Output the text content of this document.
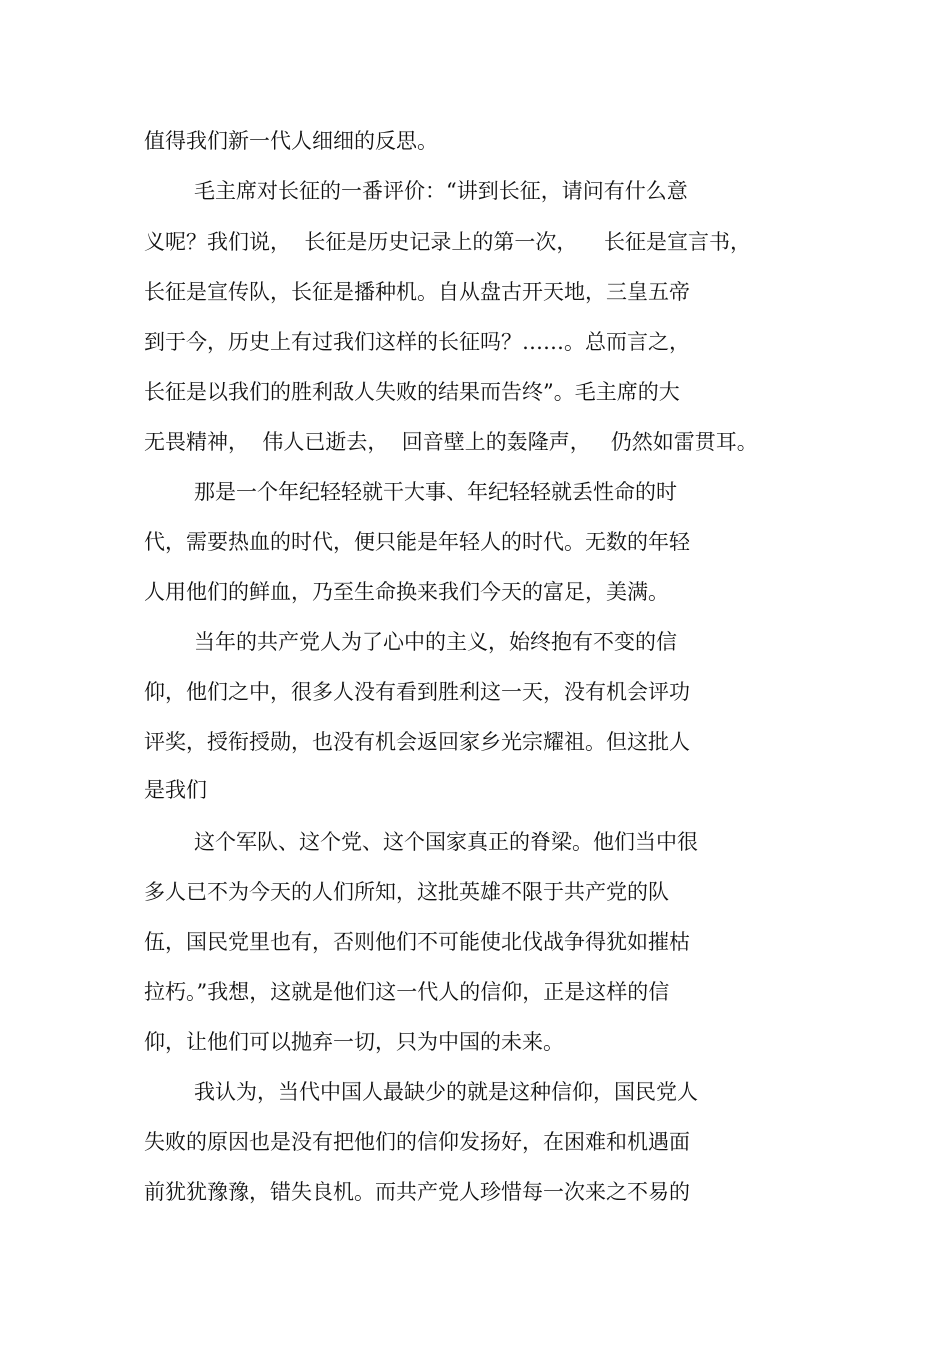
值得我们新一代人细细的反思。
毛主席对长征的一番评价：“讲到长征，请问有什么意
义呢？我们说，  长征是历史记录上的第一次，    长征是宣言书，
长征是宣传队，长征是播种机。自从盘古开天地，三皇五帝
到于今，历史上有过我们这样的长征吗？……。总而言之，
长征是以我们的胜利敌人失败的结果而告终”。毛主席的大
无畏精神，  伟人已逝去，  回音壁上的轰隆声，   仍然如雷贯耳。
那是一个年纪轻轻就干大事、年纪轻轻就丢性命的时
代，需要热血的时代，便只能是年轻人的时代。无数的年轻
人用他们的鲜血，乃至生命换来我们今天的富足，美满。
当年的共产党人为了心中的主义，始终抱有不变的信
仰，他们之中，很多人没有看到胜利这一天，没有机会评功
评奖，授衔授勋，也没有机会返回家乡光宗耀祖。但这批人
是我们
这个军队、这个党、这个国家真正的脊梁。他们当中很
多人已不为今天的人们所知，这批英雄不限于共产党的队
伍，国民党里也有，否则他们不可能使北伐战争得犹如摧枯
拉朽。”我想，这就是他们这一代人的信仰，正是这样的信
仰，让他们可以抛弃一切，只为中国的未来。
我认为，当代中国人最缺少的就是这种信仰，国民党人
失败的原因也是没有把他们的信仰发扬好，在困难和机遇面
前犹犹豫豫，错失良机。而共产党人珍惜每一次来之不易的
